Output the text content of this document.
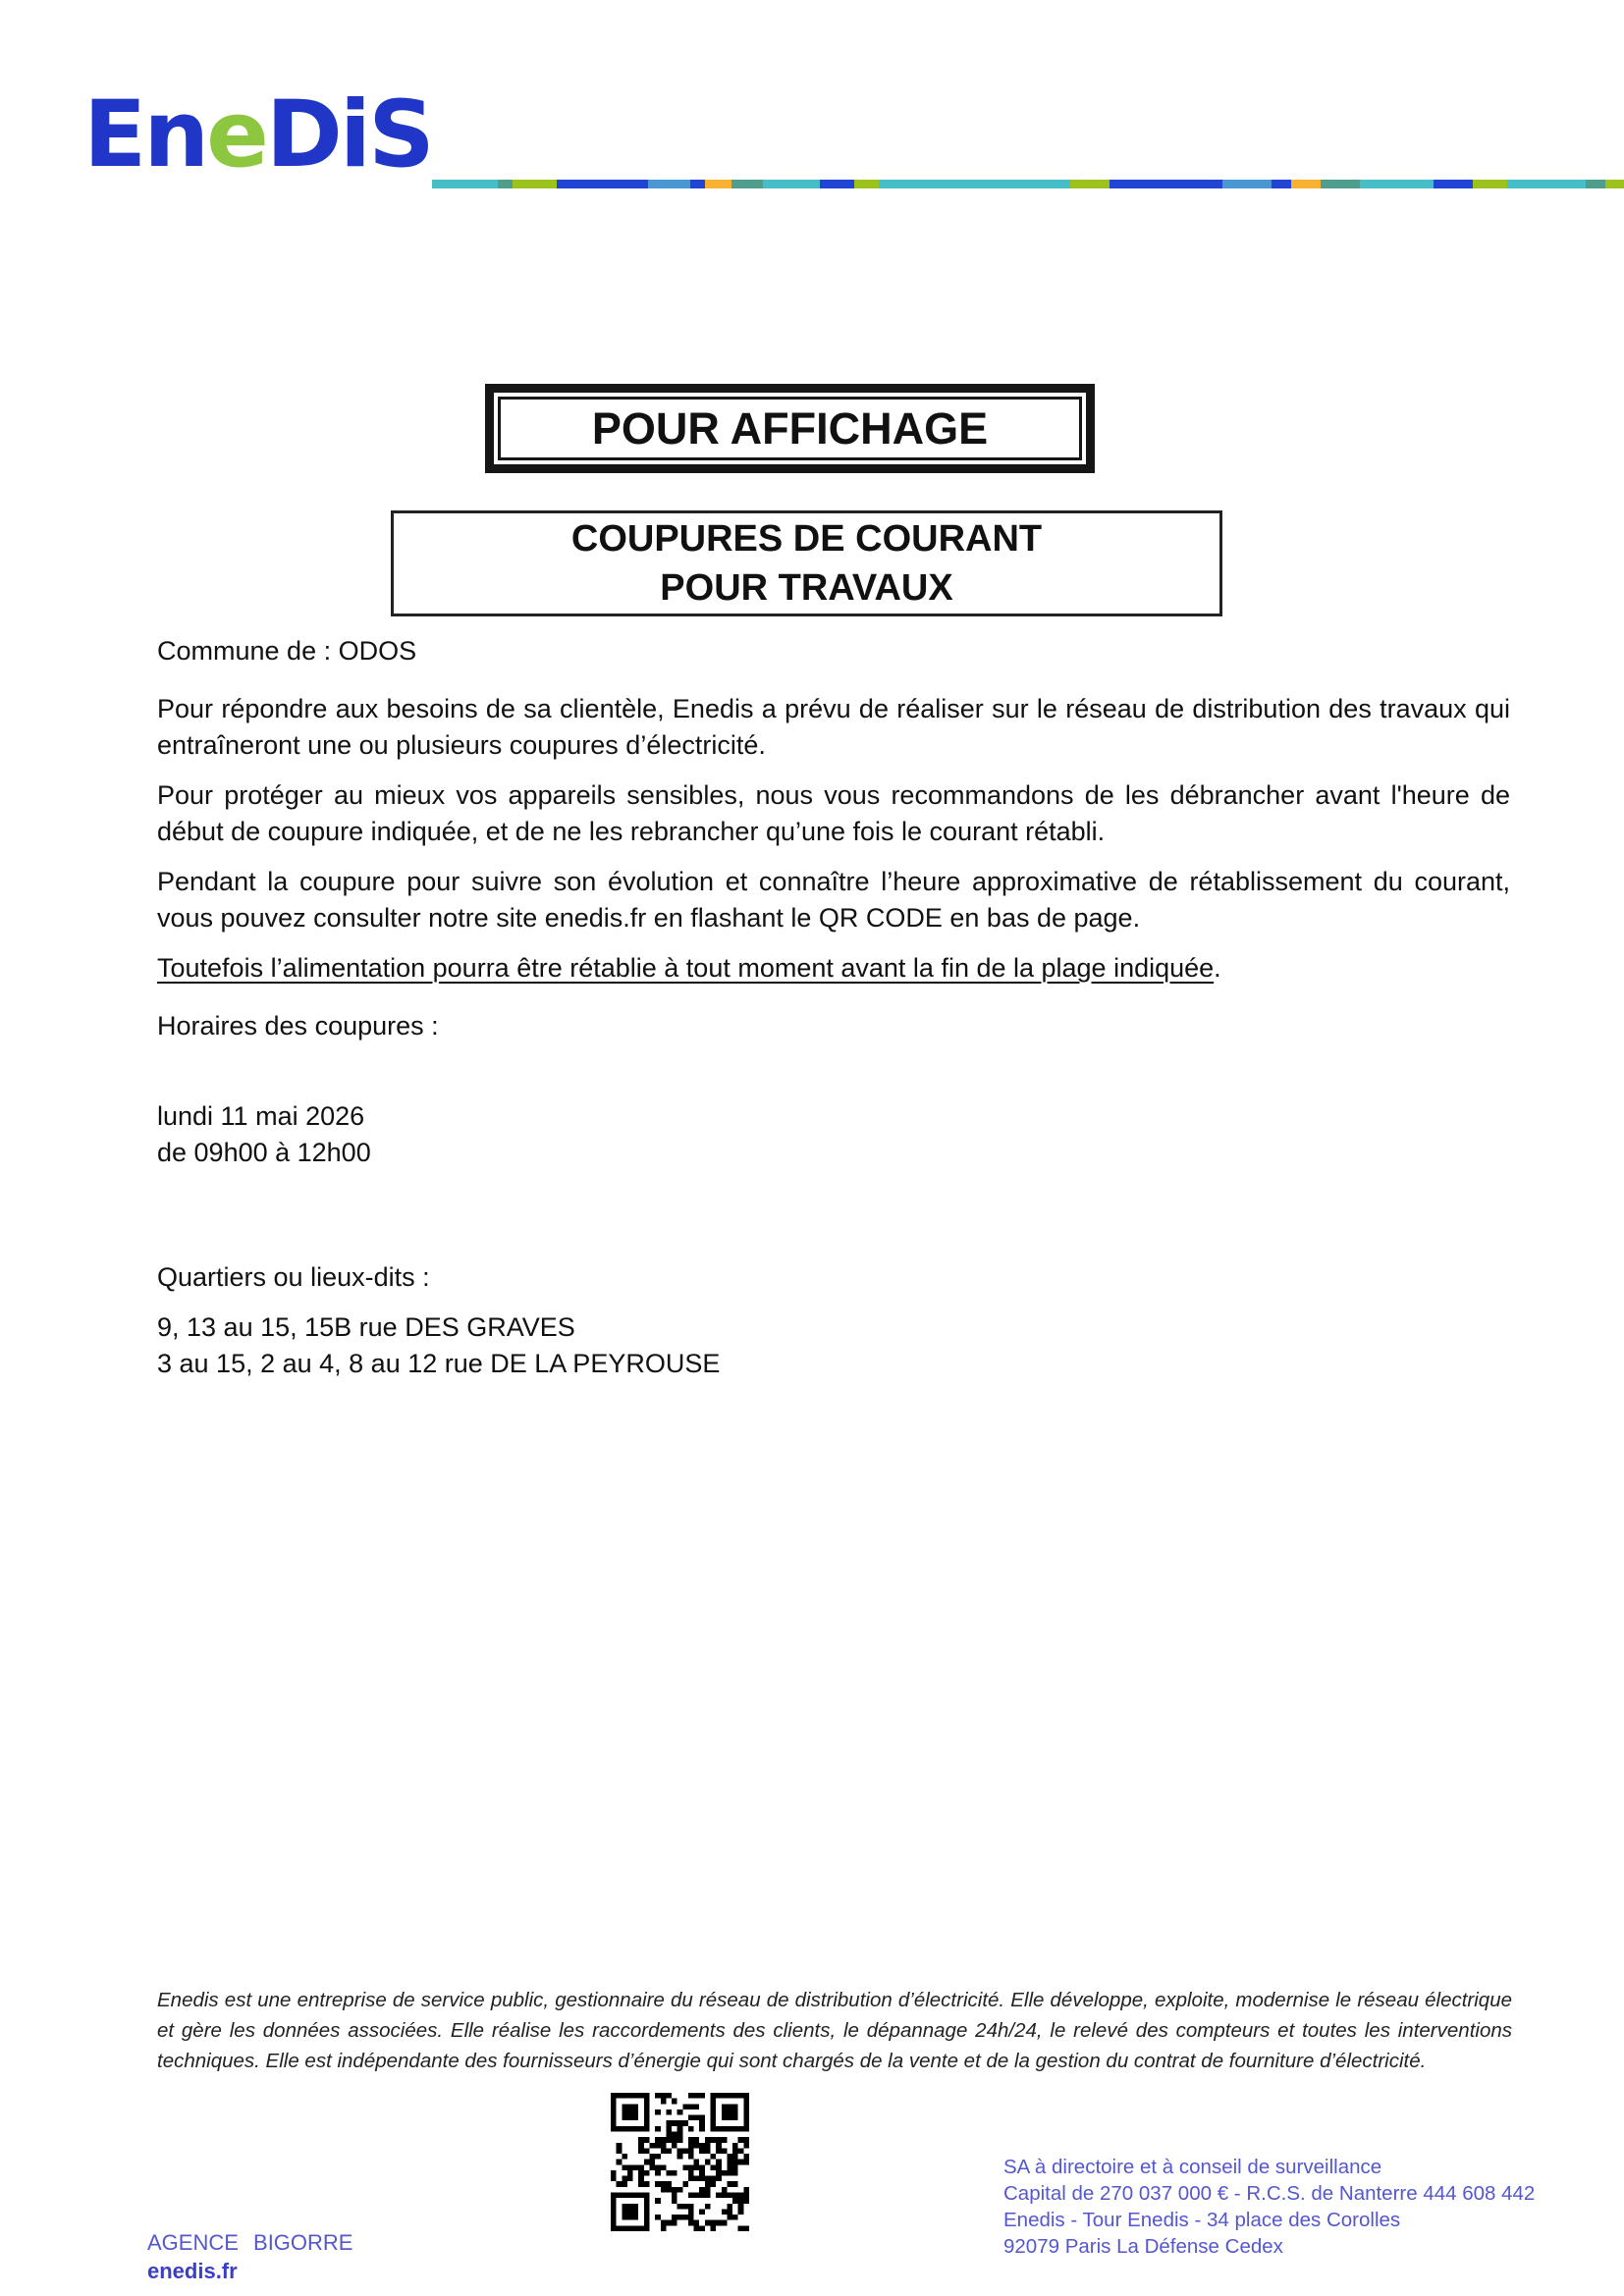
EneDiS
POUR AFFICHAGE
COUPURES DE COURANT
POUR TRAVAUX

Commune de : ODOS

Pour répondre aux besoins de sa clientèle, Enedis a prévu de réaliser sur le réseau de distribution des travaux qui entraîneront une ou plusieurs coupures d’électricité.

Pour protéger au mieux vos appareils sensibles, nous vous recommandons de les débrancher avant l'heure de début de coupure indiquée, et de ne les rebrancher qu’une fois le courant rétabli.

Pendant la coupure pour suivre son évolution et connaître l’heure approximative de rétablissement du courant, vous pouvez consulter notre site enedis.fr en flashant le QR CODE en bas de page.

Toutefois l’alimentation pourra être rétablie à tout moment avant la fin de la plage indiquée.

Horaires des coupures :

lundi 11 mai 2026
de 09h00 à 12h00

Quartiers ou lieux-dits :

9, 13 au 15, 15B rue DES GRAVES
3 au 15, 2 au 4, 8 au 12 rue DE LA PEYROUSE
Enedis est une entreprise de service public, gestionnaire du réseau de distribution d’électricité. Elle développe, exploite, modernise le réseau électrique et gère les données associées. Elle réalise les raccordements des clients, le dépannage 24h/24, le relevé des compteurs et toutes les interventions techniques. Elle est indépendante des fournisseurs d’énergie qui sont chargés de la vente et de la gestion du contrat de fourniture d’électricité.
AGENCE BIGORRE
enedis.fr
SA à directoire et à conseil de surveillance
Capital de 270 037 000 € - R.C.S. de Nanterre 444 608 442
Enedis - Tour Enedis - 34 place des Corolles
92079 Paris La Défense Cedex
